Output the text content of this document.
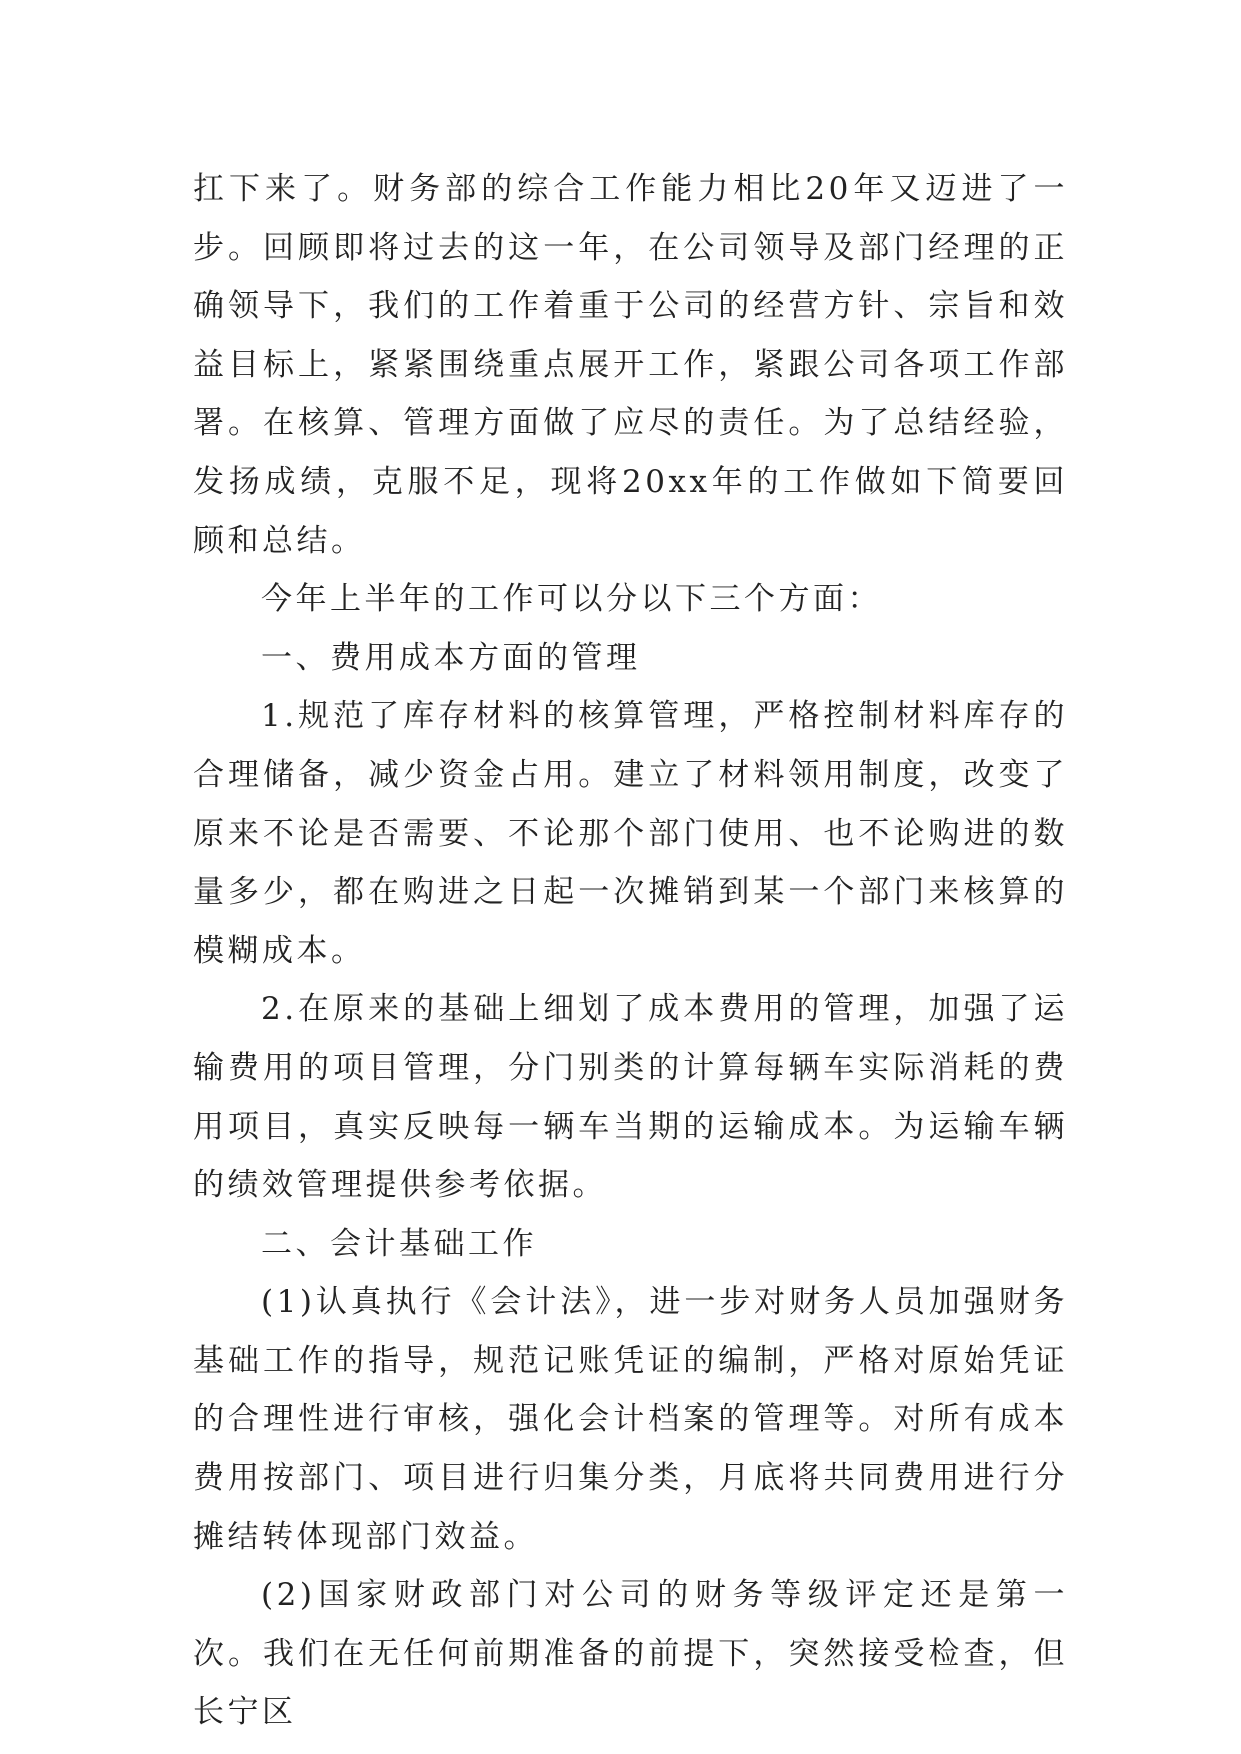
扛下来了。财务部的综合工作能力相比20年又迈进了一步。回顾即将过去的这一年，在公司领导及部门经理的正确领导下，我们的工作着重于公司的经营方针、宗旨和效益目标上，紧紧围绕重点展开工作，紧跟公司各项工作部署。在核算、管理方面做了应尽的责任。为了总结经验，发扬成绩，克服不足，现将20xx年的工作做如下简要回顾和总结。

今年上半年的工作可以分以下三个方面：

一、费用成本方面的管理

1.规范了库存材料的核算管理，严格控制材料库存的合理储备，减少资金占用。建立了材料领用制度，改变了原来不论是否需要、不论那个部门使用、也不论购进的数量多少，都在购进之日起一次摊销到某一个部门来核算的模糊成本。

2.在原来的基础上细划了成本费用的管理，加强了运输费用的项目管理，分门别类的计算每辆车实际消耗的费用项目，真实反映每一辆车当期的运输成本。为运输车辆的绩效管理提供参考依据。

二、会计基础工作

(1)认真执行《会计法》，进一步对财务人员加强财务基础工作的指导，规范记账凭证的编制，严格对原始凭证的合理性进行审核，强化会计档案的管理等。对所有成本费用按部门、项目进行归集分类，月底将共同费用进行分摊结转体现部门效益。

(2)国家财政部门对公司的财务等级评定还是第一次。我们在无任何前期准备的前提下，突然接受检查，但长宁区
